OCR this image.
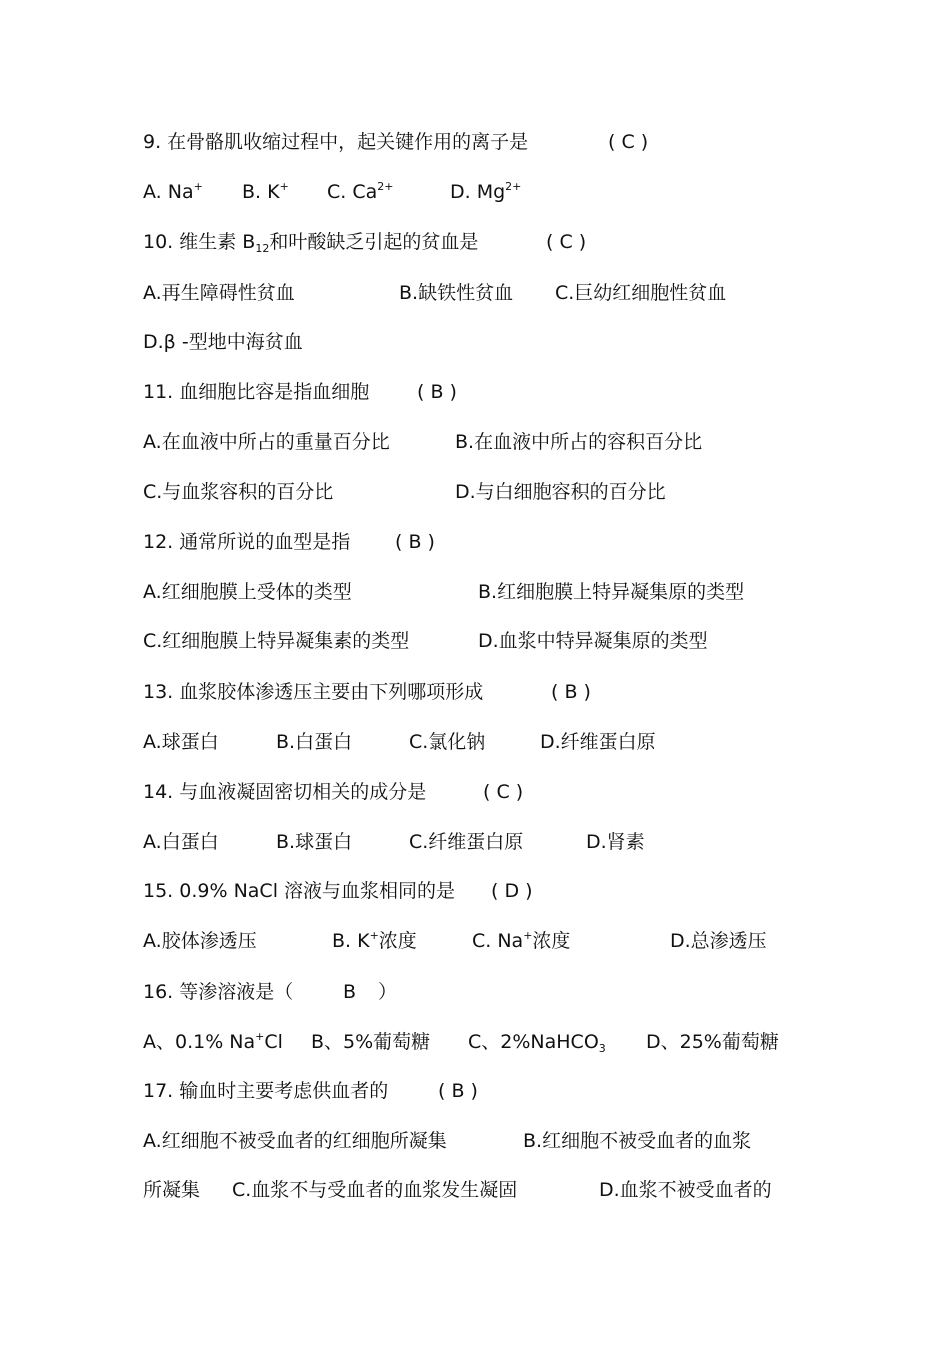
9. 在骨骼肌收缩过程中，起关键作用的离子是	( C )
A. Na+ B. K+ C. $Ca^{2+}$	D. $Mg^{2+}$
10. 维生素 $B_{12}$和叶酸缺乏引起的贫血是	( C )
A.再生障碍性贫血	B.缺铁性贫血 C.巨幼红细胞性贫血
D.β -型地中海贫血
11. 血细胞比容是指血细胞	( B )
A.在血液中所占的重量百分比	B.在血液中所占的容积百分比
C.与血浆容积的百分比	D.与白细胞容积的百分比
12. 通常所说的血型是指 ( B )
A.红细胞膜上受体的类型	B.红细胞膜上特异凝集原的类型
C.红细胞膜上特异凝集素的类型	D.血浆中特异凝集原的类型
13. 血浆胶体渗透压主要由下列哪项形成	( B )
A.球蛋白	B.白蛋白	C.氯化钠	D.纤维蛋白原
14. 与血液凝固密切相关的成分是	( C )
A.白蛋白	B.球蛋白	C.纤维蛋白原	D.肾素
15. 0.9% NaCl 溶液与血浆相同的是 ( D )
A.胶体渗透压	B. K+浓度	C. Na+浓度	D.总渗透压
16. 等渗溶液是（	B ）
A、0.1% Na+Cl B、5%葡萄糖 C、2%NaHCO$_3$ D、25%葡萄糖
17. 输血时主要考虑供血者的	( B )
A.红细胞不被受血者的红细胞所凝集	B.红细胞不被受血者的血浆
所凝集 C.血浆不与受血者的血浆发生凝固	D.血浆不被受血者的
